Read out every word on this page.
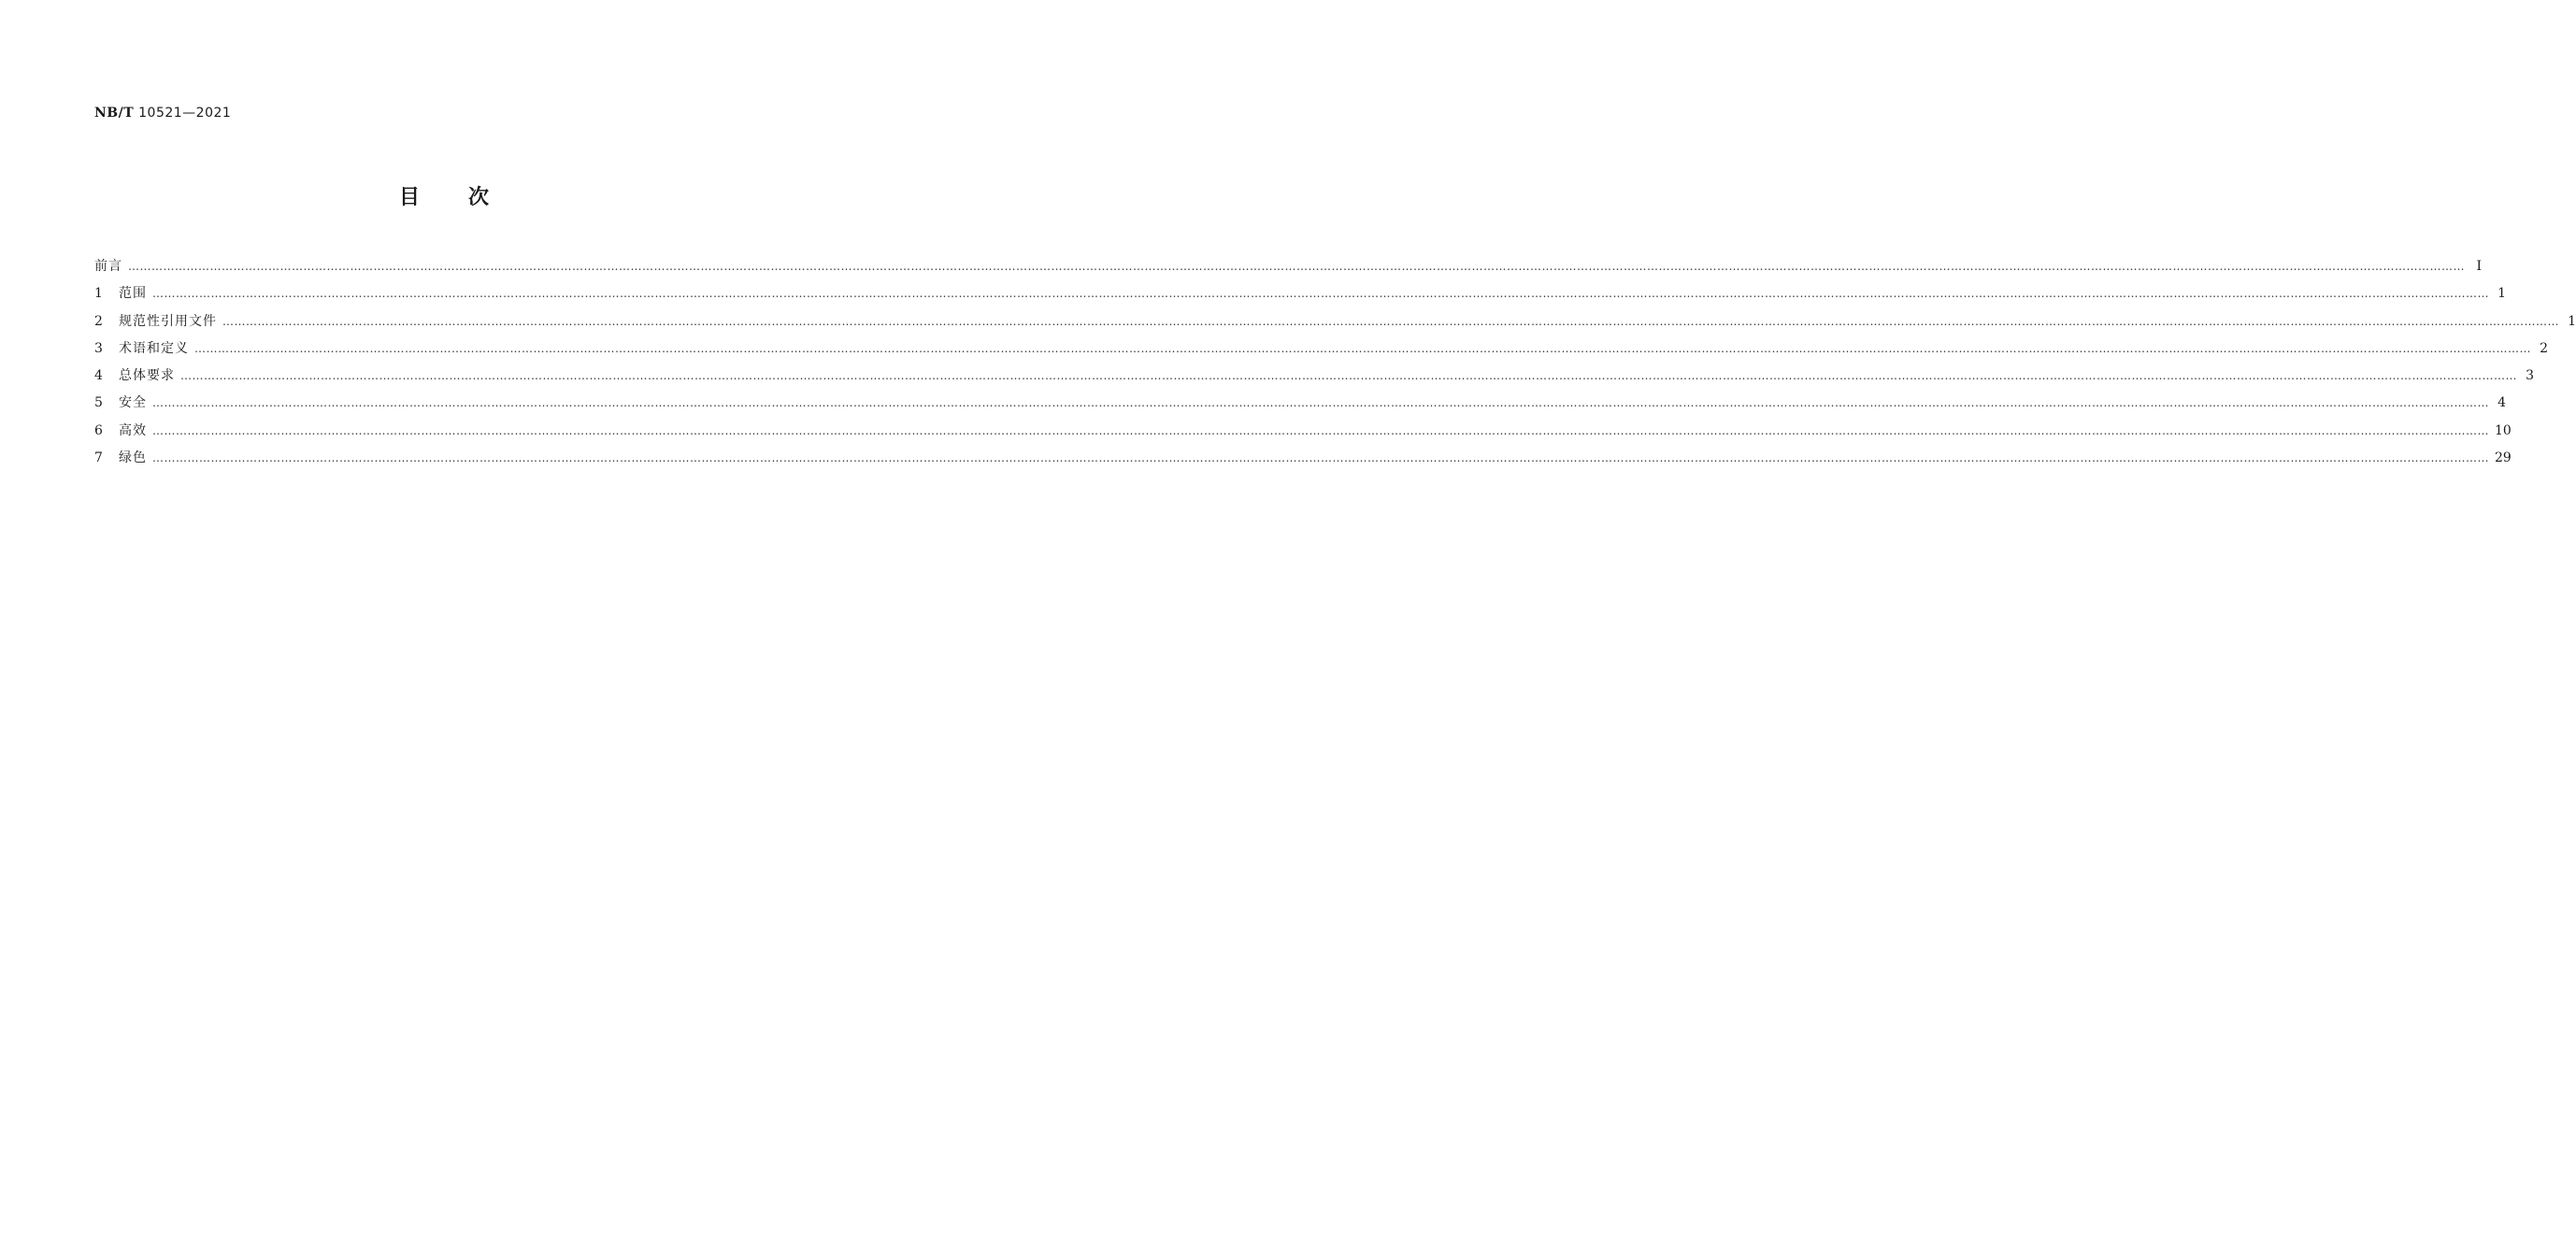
NB/T 10521—2021
目次
前言 …………………………………………………………………………………………………………………………………………………………………………………………………………………………………………………………………………………………………………………………………………………………………………………………………………………………………………………………………………………………………………………………………………………… Ⅰ
1	范围 …………………………………………………………………………………………………………………………………………………………………………………………………………………………………………………………………………………………………………………………………………………………………………………………………………………………………………………………………………………………………………………………………………………… 1
2	规范性引用文件 …………………………………………………………………………………………………………………………………………………………………………………………………………………………………………………………………………………………………………………………………………………………………………………………………………………………………………………………………………………………………………………………………………………… 1
3	术语和定义 …………………………………………………………………………………………………………………………………………………………………………………………………………………………………………………………………………………………………………………………………………………………………………………………………………………………………………………………………………………………………………………………………………………… 2
4	总体要求 …………………………………………………………………………………………………………………………………………………………………………………………………………………………………………………………………………………………………………………………………………………………………………………………………………………………………………………………………………………………………………………………………………………… 3
5	安全 …………………………………………………………………………………………………………………………………………………………………………………………………………………………………………………………………………………………………………………………………………………………………………………………………………………………………………………………………………………………………………………………………………………… 4
6	高效 …………………………………………………………………………………………………………………………………………………………………………………………………………………………………………………………………………………………………………………………………………………………………………………………………………………………………………………………………………………………………………………………………………………… 10
7	绿色 …………………………………………………………………………………………………………………………………………………………………………………………………………………………………………………………………………………………………………………………………………………………………………………………………………………………………………………………………………………………………………………………………………………… 29
